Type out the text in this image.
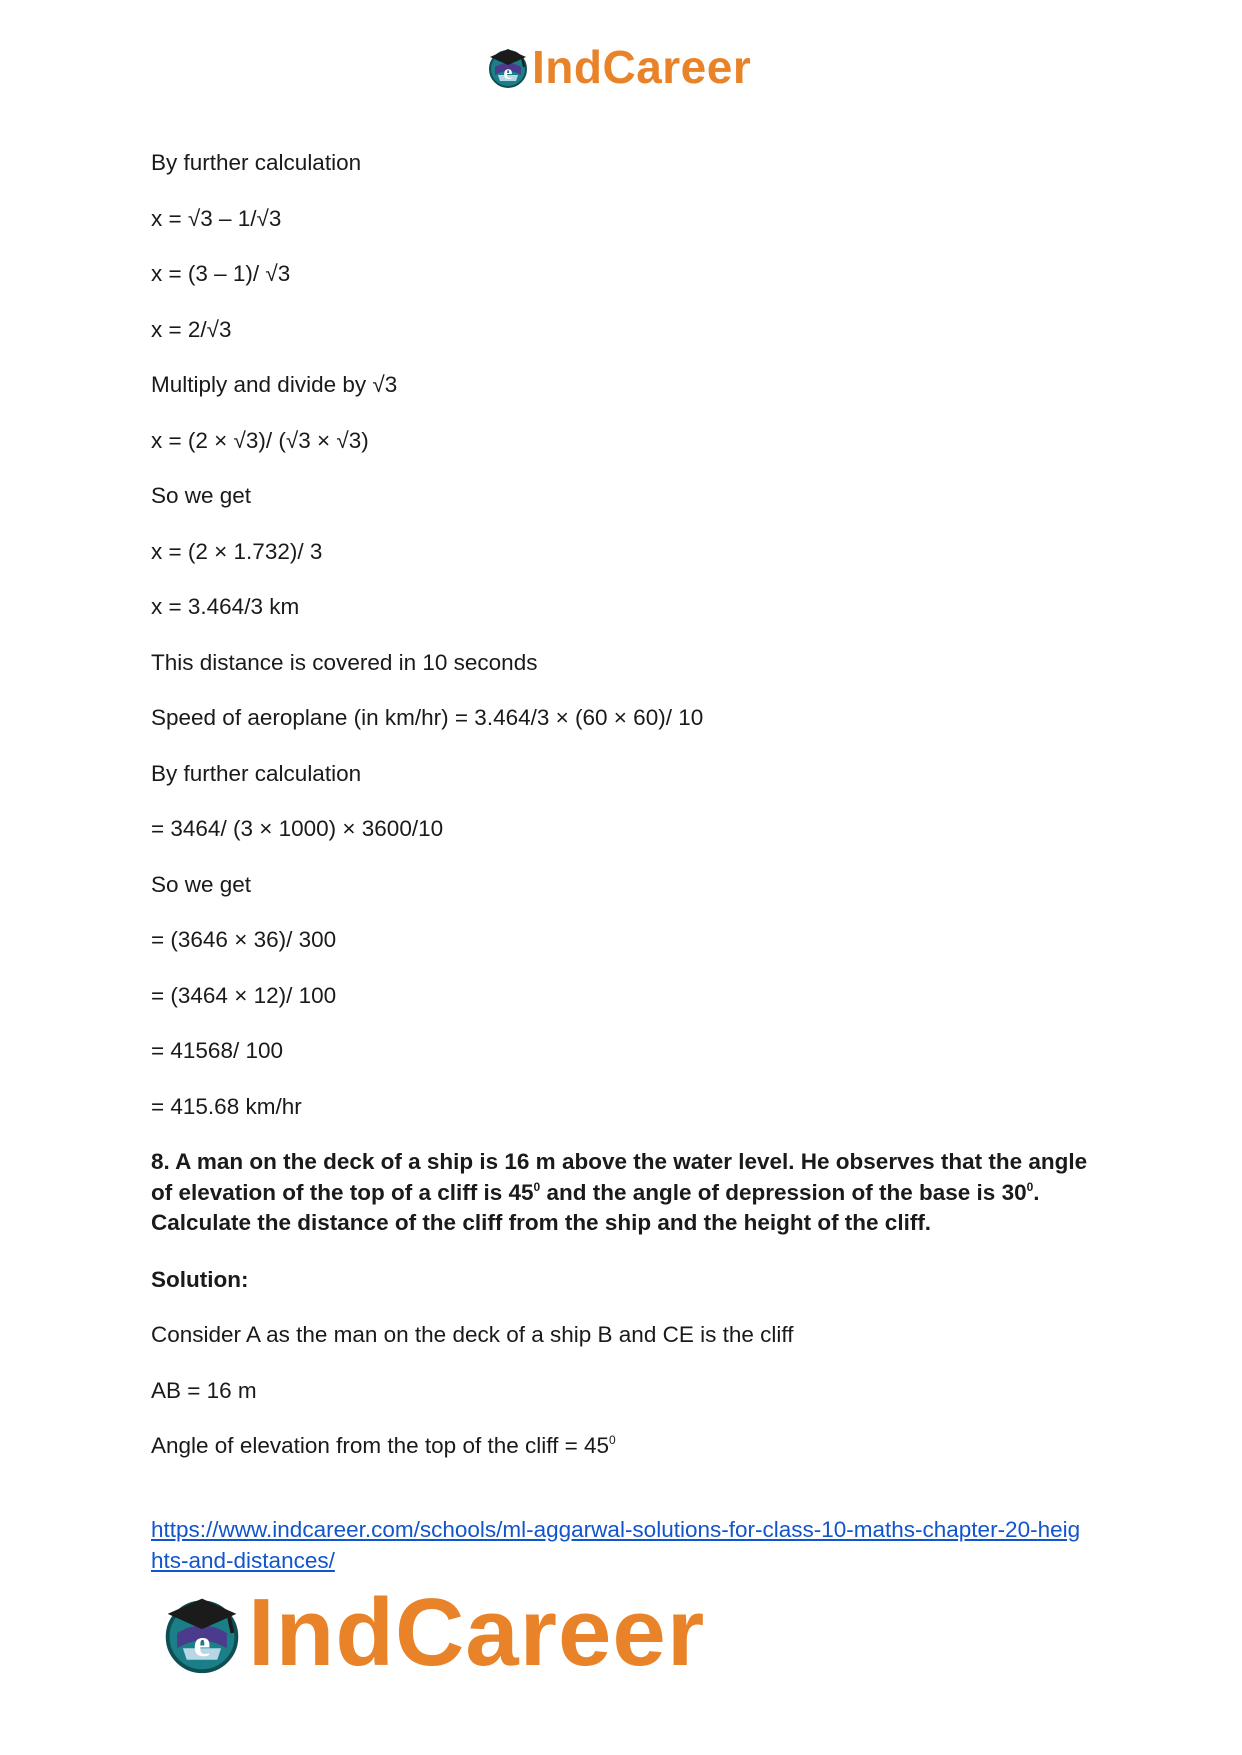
e IndCareer

By further calculation

x = √3 – 1/√3

x = (3 – 1)/ √3

x = 2/√3

Multiply and divide by √3

x = (2 × √3)/ (√3 × √3)

So we get

x = (2 × 1.732)/ 3

x = 3.464/3 km

This distance is covered in 10 seconds

Speed of aeroplane (in km/hr) = 3.464/3 × (60 × 60)/ 10

By further calculation

= 3464/ (3 × 1000) × 3600/10

So we get

= (3646 × 36)/ 300

= (3464 × 12)/ 100

= 41568/ 100

= 415.68 km/hr

8. A man on the deck of a ship is 16 m above the water level. He observes that the angle of elevation of the top of a cliff is $45^0$ and the angle of depression of the base is $30^0$. Calculate the distance of the cliff from the ship and the height of the cliff.

Solution:

Consider A as the man on the deck of a ship B and CE is the cliff

AB = 16 m

Angle of elevation from the top of the cliff = $45^0$

https://www.indcareer.com/schools/ml-aggarwal-solutions-for-class-10-maths-chapter-20-heights-and-distances/
e IndCareer
